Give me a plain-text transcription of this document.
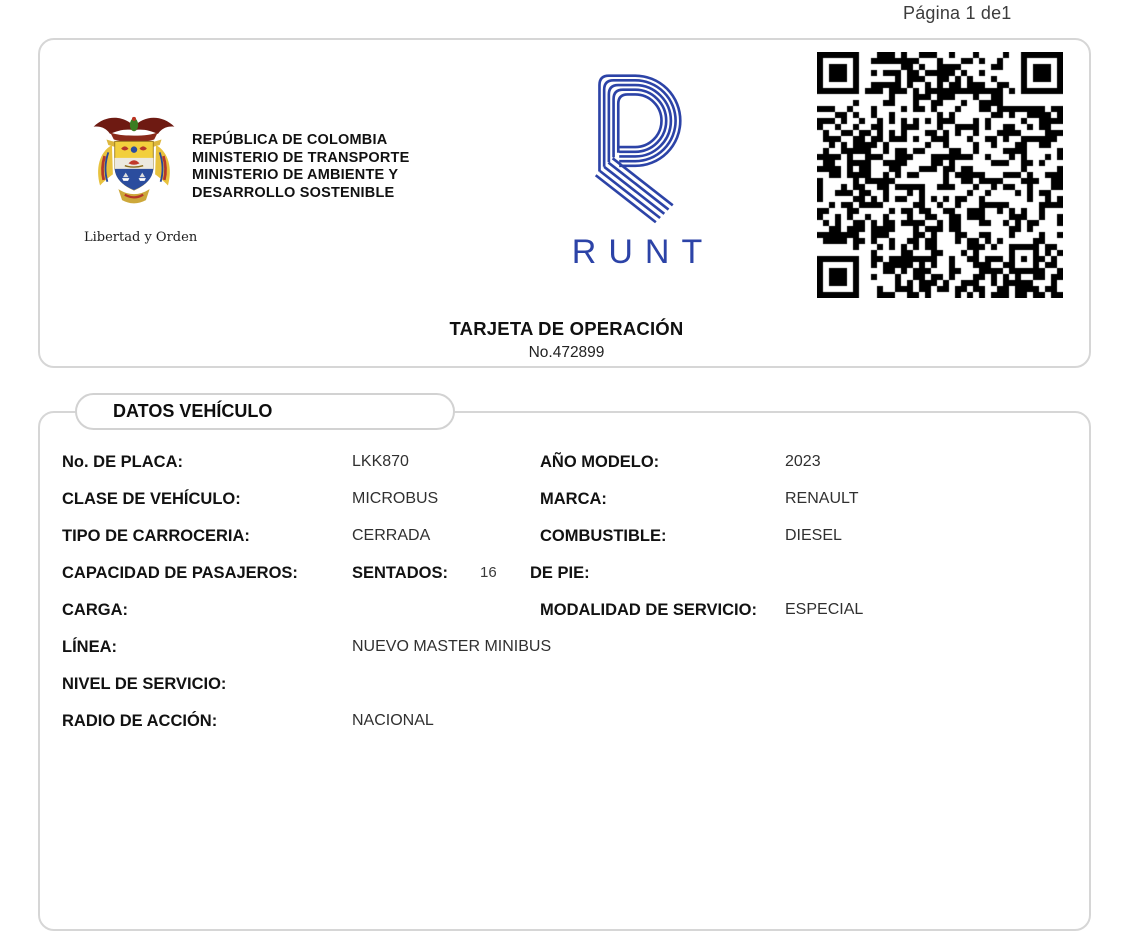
Página 1 de1
Libertad y Orden
REPÚBLICA DE COLOMBIA
MINISTERIO DE TRANSPORTE
MINISTERIO DE AMBIENTE Y
DESARROLLO SOSTENIBLE
RUNT
TARJETA DE OPERACIÓN
No.472899
DATOS VEHÍCULO
No. DE PLACA:	LKK870	AÑO MODELO:	2023
CLASE DE VEHÍCULO:	MICROBUS	MARCA:	RENAULT
TIPO DE CARROCERIA:	CERRADA	COMBUSTIBLE:	DIESEL
CAPACIDAD DE PASAJEROS:	SENTADOS: 16 DE PIE:
CARGA:	MODALIDAD DE SERVICIO: ESPECIAL
LÍNEA:	NUEVO MASTER MINIBUS
NIVEL DE SERVICIO:
RADIO DE ACCIÓN:	NACIONAL
